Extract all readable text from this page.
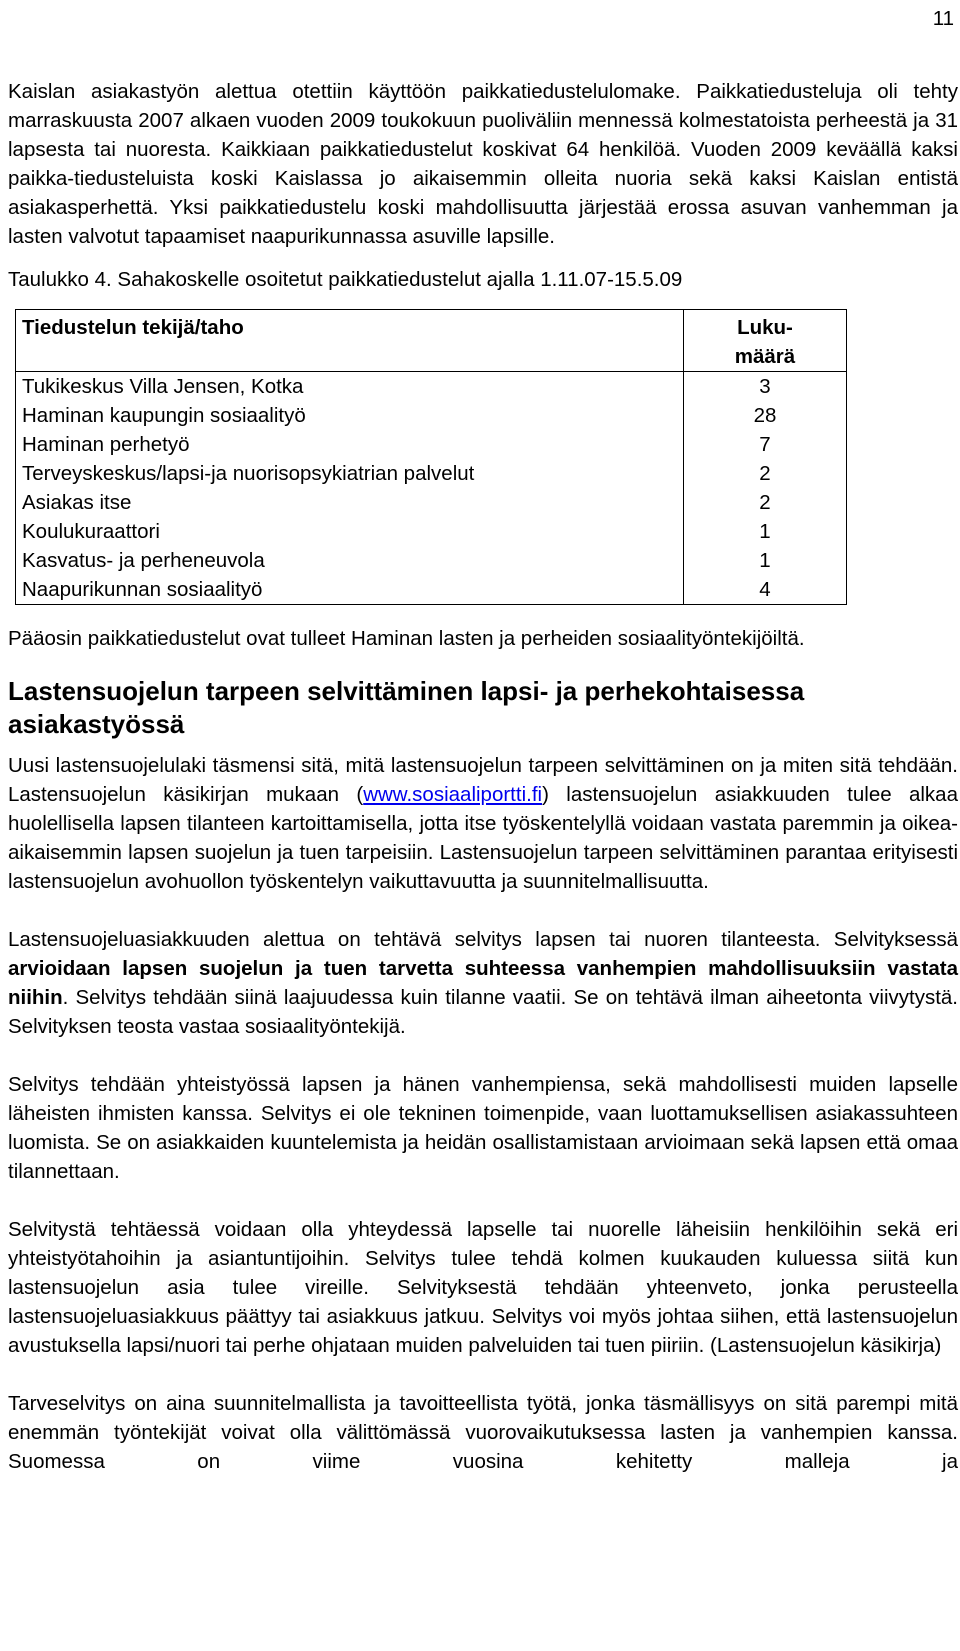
11

Kaislan asiakastyön alettua otettiin käyttöön paikkatiedustelulomake. Paikkatiedusteluja oli tehty marraskuusta 2007 alkaen vuoden 2009 toukokuun puoliväliin mennessä kolmestatoista perheestä ja 31 lapsesta tai nuoresta. Kaikkiaan paikkatiedustelut koskivat 64 henkilöä. Vuoden 2009 keväällä kaksi paikka-tiedusteluista koski Kaislassa jo aikaisemmin olleita nuoria sekä kaksi Kaislan entistä asiakasperhettä. Yksi paikkatiedustelu koski mahdollisuutta järjestää erossa asuvan vanhemman ja lasten valvotut tapaamiset naapurikunnassa asuville lapsille.

Taulukko 4. Sahakoskelle osoitetut paikkatiedustelut ajalla 1.11.07-15.5.09

Tiedustelun tekijä/taho	Luku-
määrä

Tukikeskus Villa Jensen, Kotka	3
Haminan kaupungin sosiaalityö	28
Haminan perhetyö	7
Terveyskeskus/lapsi-ja nuorisopsykiatrian palvelut	2
Asiakas itse	2
Koulukuraattori	1
Kasvatus- ja perheneuvola	1
Naapurikunnan sosiaalityö	4

Pääosin paikkatiedustelut ovat tulleet Haminan lasten ja perheiden sosiaalityöntekijöiltä.

Lastensuojelun tarpeen selvittäminen lapsi- ja perhekohtaisessa asiakastyössä

Uusi lastensuojelulaki täsmensi sitä, mitä lastensuojelun tarpeen selvittäminen on ja miten sitä tehdään. Lastensuojelun käsikirjan mukaan (www.sosiaaliportti.fi) lastensuojelun asiakkuuden tulee alkaa huolellisella lapsen tilanteen kartoittamisella, jotta itse työskentelyllä voidaan vastata paremmin ja oikea-aikaisemmin lapsen suojelun ja tuen tarpeisiin. Lastensuojelun tarpeen selvittäminen parantaa erityisesti lastensuojelun avohuollon työskentelyn vaikuttavuutta ja suunnitelmallisuutta.

Lastensuojeluasiakkuuden alettua on tehtävä selvitys lapsen tai nuoren tilanteesta. Selvityksessä arvioidaan lapsen suojelun ja tuen tarvetta suhteessa vanhempien mahdollisuuksiin vastata niihin. Selvitys tehdään siinä laajuudessa kuin tilanne vaatii. Se on tehtävä ilman aiheetonta viivytystä. Selvityksen teosta vastaa sosiaalityöntekijä.

Selvitys tehdään yhteistyössä lapsen ja hänen vanhempiensa, sekä mahdollisesti muiden lapselle läheisten ihmisten kanssa. Selvitys ei ole tekninen toimenpide, vaan luottamuksellisen asiakassuhteen luomista. Se on asiakkaiden kuuntelemista ja heidän osallistamistaan arvioimaan sekä lapsen että omaa tilannettaan.

Selvitystä tehtäessä voidaan olla yhteydessä lapselle tai nuorelle läheisiin henkilöihin sekä eri yhteistyötahoihin ja asiantuntijoihin. Selvitys tulee tehdä kolmen kuukauden kuluessa siitä kun lastensuojelun asia tulee vireille. Selvityksestä tehdään yhteenveto, jonka perusteella lastensuojeluasiakkuus päättyy tai asiakkuus jatkuu. Selvitys voi myös johtaa siihen, että lastensuojelun avustuksella lapsi/nuori tai perhe ohjataan muiden palveluiden tai tuen piiriin. (Lastensuojelun käsikirja)

Tarveselvitys on aina suunnitelmallista ja tavoitteellista työtä, jonka täsmällisyys on sitä parempi mitä enemmän työntekijät voivat olla välittömässä vuorovaikutuksessa lasten ja vanhempien kanssa. Suomessa on viime vuosina kehitetty malleja ja
